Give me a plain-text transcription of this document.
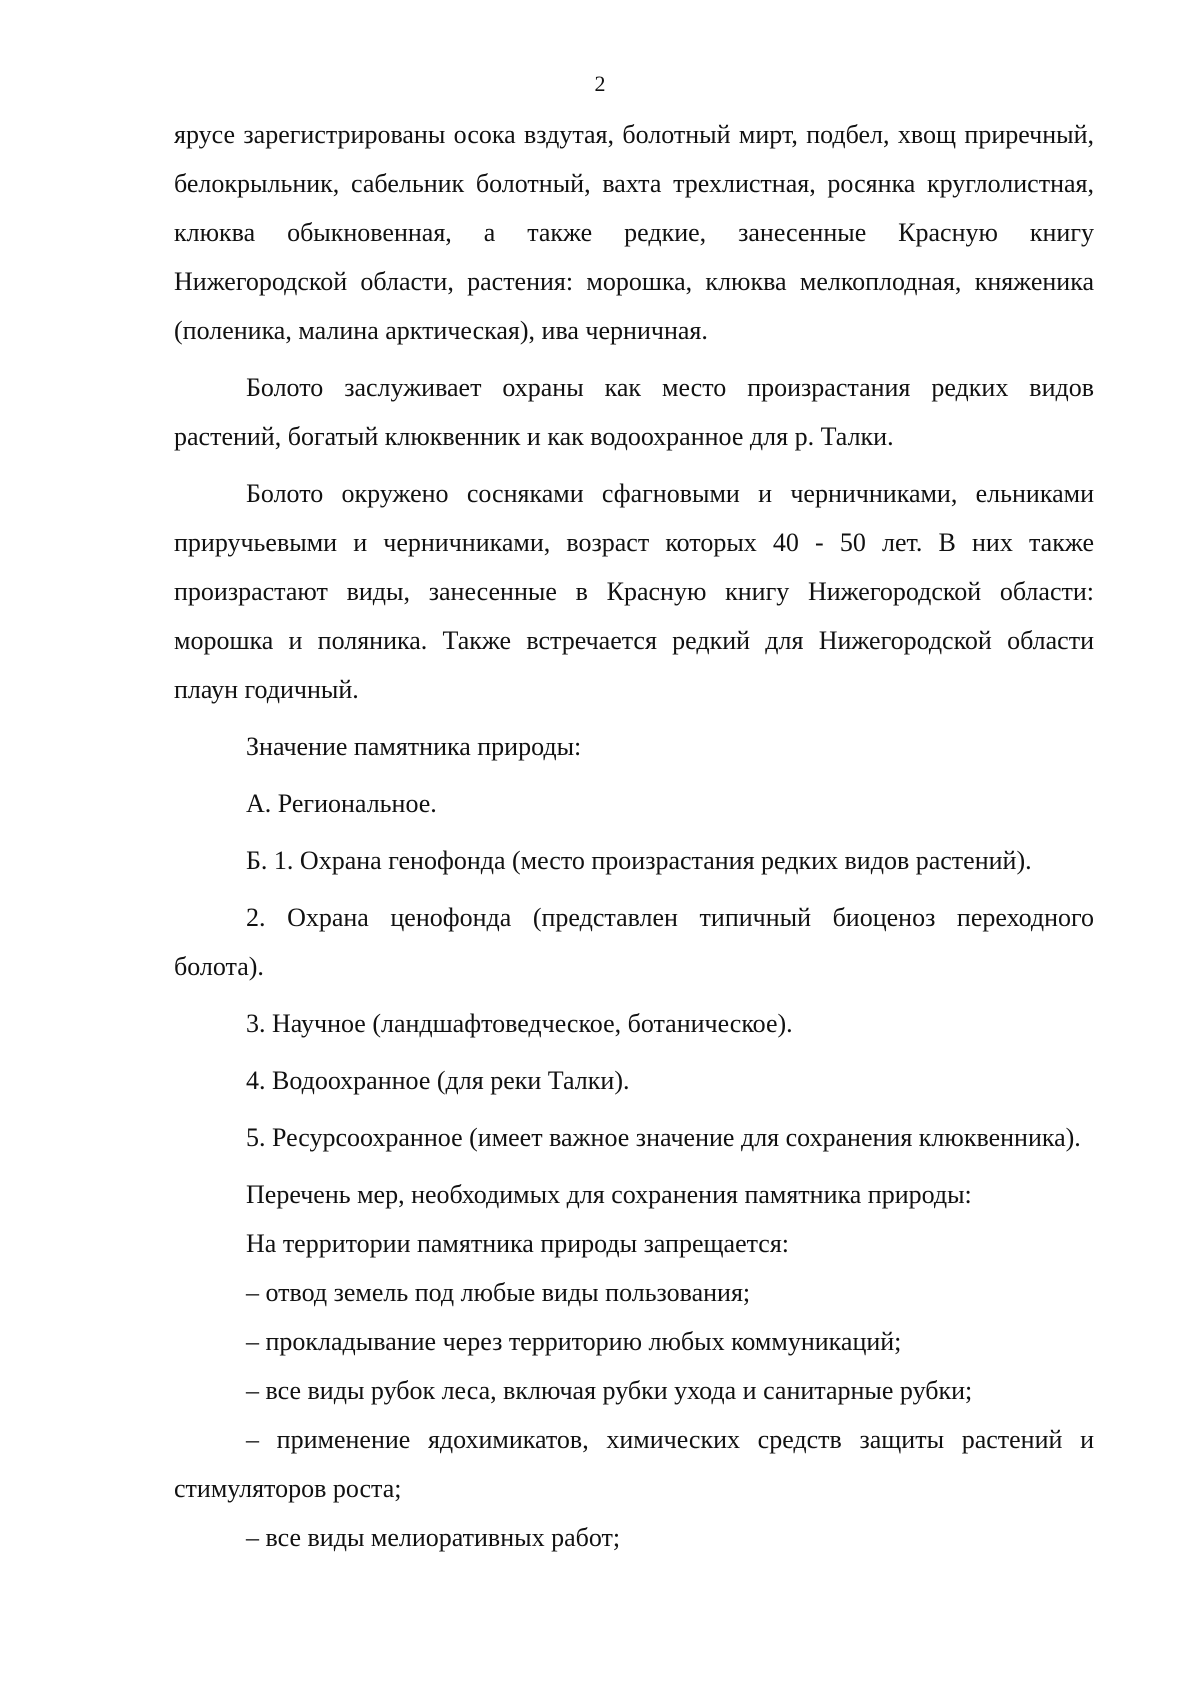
2

ярусе зарегистрированы осока вздутая, болотный мирт, подбел, хвощ приречный, белокрыльник, сабельник болотный, вахта трехлистная, росянка круглолистная, клюква обыкновенная, а также редкие, занесенные Красную книгу Нижегородской области, растения: морошка, клюква мелкоплодная, княженика (поленика, малина арктическая), ива черничная.

Болото заслуживает охраны как место произрастания редких видов растений, богатый клюквенник и как водоохранное для р. Талки.

Болото окружено сосняками сфагновыми и черничниками, ельниками приручьевыми и черничниками, возраст которых 40 - 50 лет. В них также произрастают виды, занесенные в Красную книгу Нижегородской области: морошка и поляника. Также встречается редкий для Нижегородской области плаун годичный.

Значение памятника природы:

А. Региональное.

Б. 1. Охрана генофонда (место произрастания редких видов растений).

2. Охрана ценофонда (представлен типичный биоценоз переходного болота).

3. Научное (ландшафтоведческое, ботаническое).

4. Водоохранное (для реки Талки).

5. Ресурсоохранное (имеет важное значение для сохранения клюквенника).

Перечень мер, необходимых для сохранения памятника природы:

На территории памятника природы запрещается:

– отвод земель под любые виды пользования;

– прокладывание через территорию любых коммуникаций;

– все виды рубок леса, включая рубки ухода и санитарные рубки;

– применение ядохимикатов, химических средств защиты растений и стимуляторов роста;

– все виды мелиоративных работ;
